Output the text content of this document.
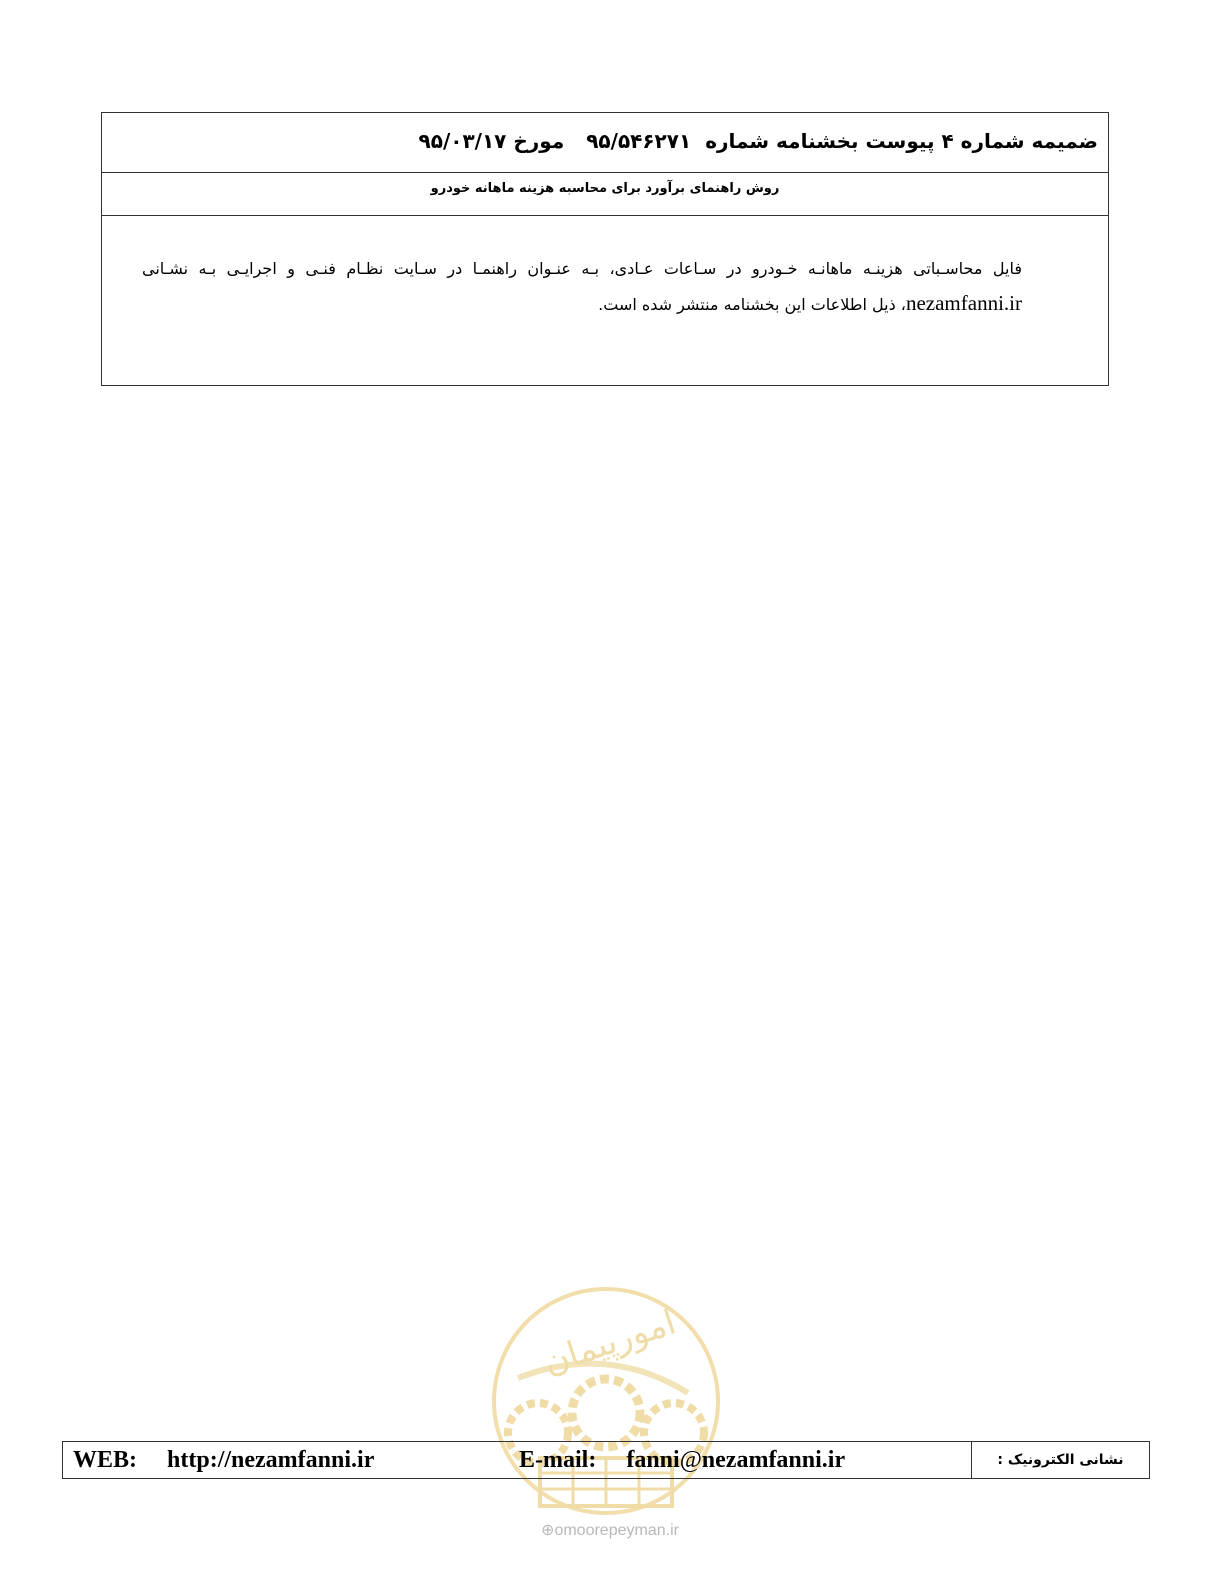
ضمیمه شماره ۴ پیوست بخشنامه شماره۹۵/۵۴۶۲۷۱مورخ ۹۵/۰۳/۱۷
روش راهنمای برآورد برای محاسبه هزینه ماهانه خودرو
فایل محاسـباتی هزینـه ماهانـه خـودرو در سـاعات عـادی، بـه عنـوان راهنمـا در سـایت نظـام فنـی و اجرایـی بـه نشـانی nezamfanni.ir، ذیل اطلاعات این بخشنامه منتشر شده است.
امورپیمان
⊕omoorepeyman.ir
WEB: http://nezamfanni.ir	E-mail: fanni@nezamfanni.ir	نشانی الکترونیک :
